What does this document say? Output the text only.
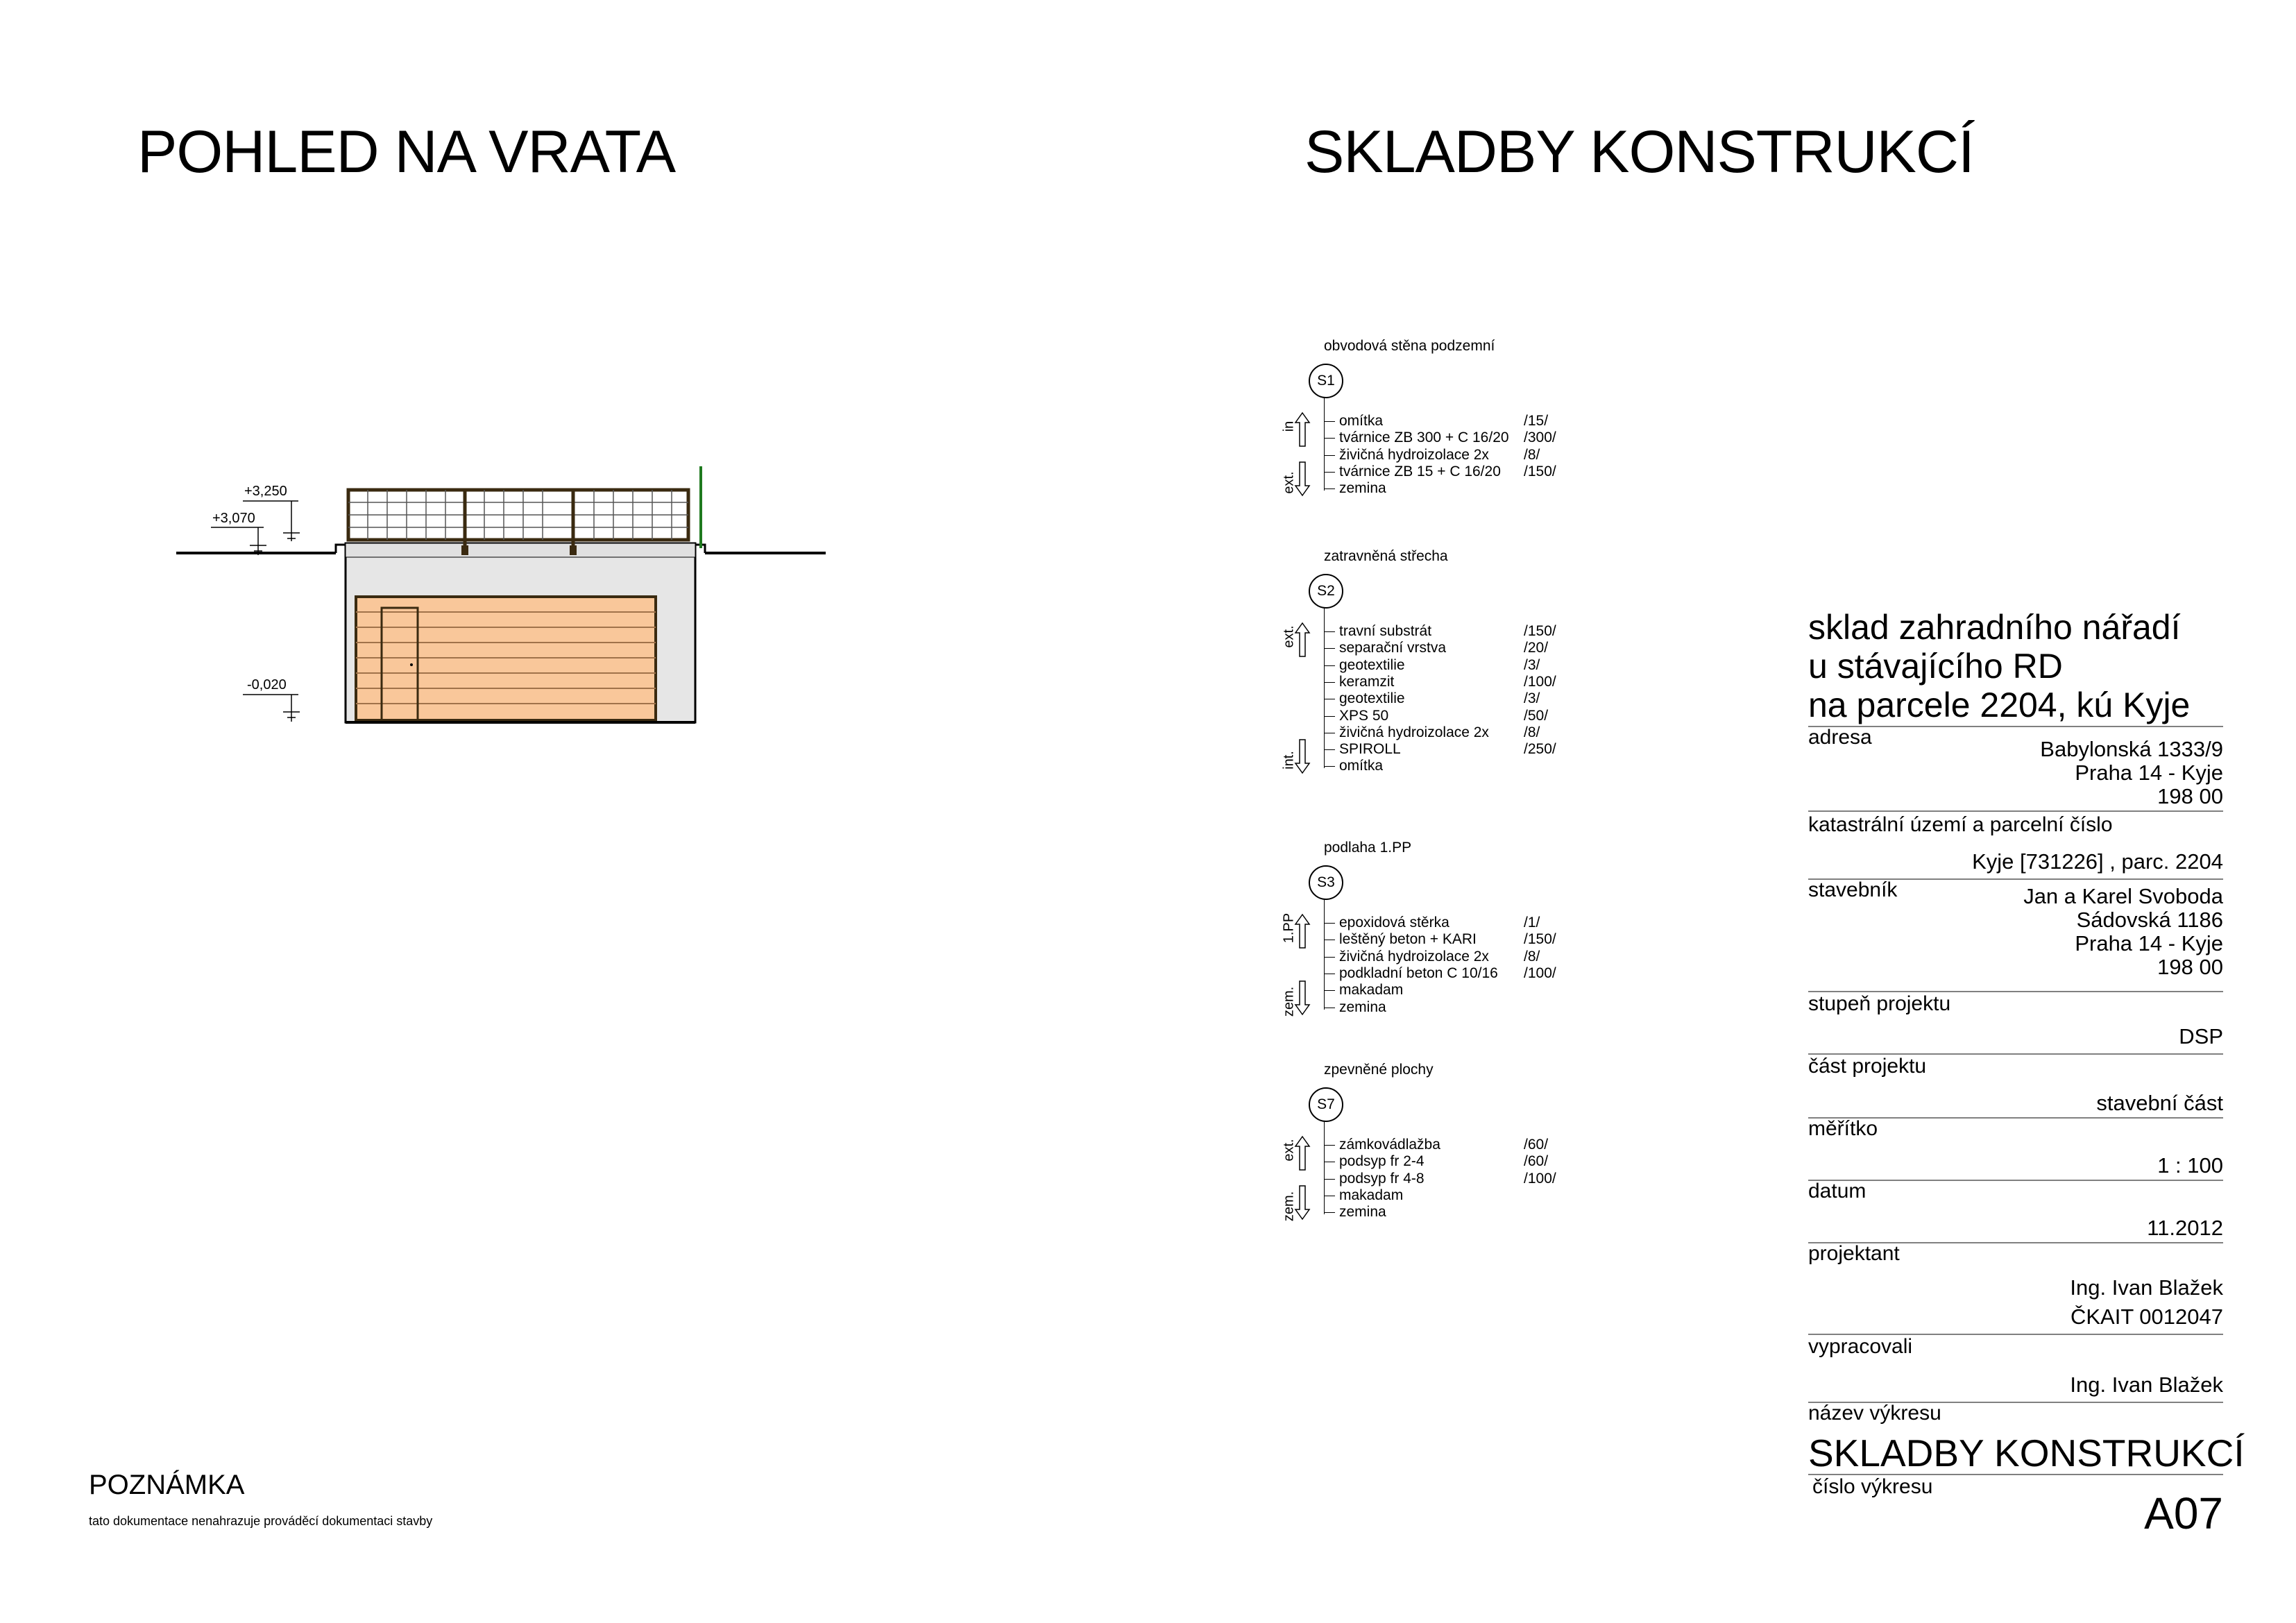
POHLED NA VRATA	SKLADBY KONSTRUKCÍ
+3,250
+3,070
-0,020
POZNÁMKA
tato dokumentace nenahrazuje prováděcí dokumentaci stavby
obvodová stěna podzemní
S1
omítka	/15/
tvárnice ZB 300 + C 16/20 /300/
živičná hydroizolace 2x /8/
tvárnice ZB 15 + C 16/20 /150/
zemina
in
ext.
zatravněná střecha
S2
travní substrát	/150/
separační vrstva	/20/
geotextilie	/3/
keramzit	/100/
geotextilie	/3/
XPS 50	/50/
živičná hydroizolace 2x /8/
SPIROLL	/250/
omítka
ext.
int.
podlaha 1.PP
S3
epoxidová stěrka	/1/
leštěný beton + KARI	/150/
živičná hydroizolace 2x /8/
podkladní beton C 10/16 /100/
makadam
zemina
1.PP
zem.
zpevněné plochy
S7
zámkovádlažba	/60/
podsyp fr 2-4	/60/
podsyp fr 4-8	/100/
makadam
zemina
ext.
zem.
sklad zahradního nářadí
u stávajícího RD
na parcele 2204, kú Kyje
adresa	Babylonská 1333/9
Praha 14 - Kyje
198 00
katastrální území a parcelní číslo
Kyje [731226] , parc. 2204
stavebník	Jan a Karel Svoboda
Sádovská 1186
Praha 14 - Kyje
198 00
stupeň projektu
DSP
část projektu
stavební část
měřítko
1 : 100
datum
11.2012
projektant
Ing. Ivan Blažek
ČKAIT 0012047
vypracovali
Ing. Ivan Blažek
název výkresu
SKLADBY KONSTRUKCÍ
číslo výkresu
A07
